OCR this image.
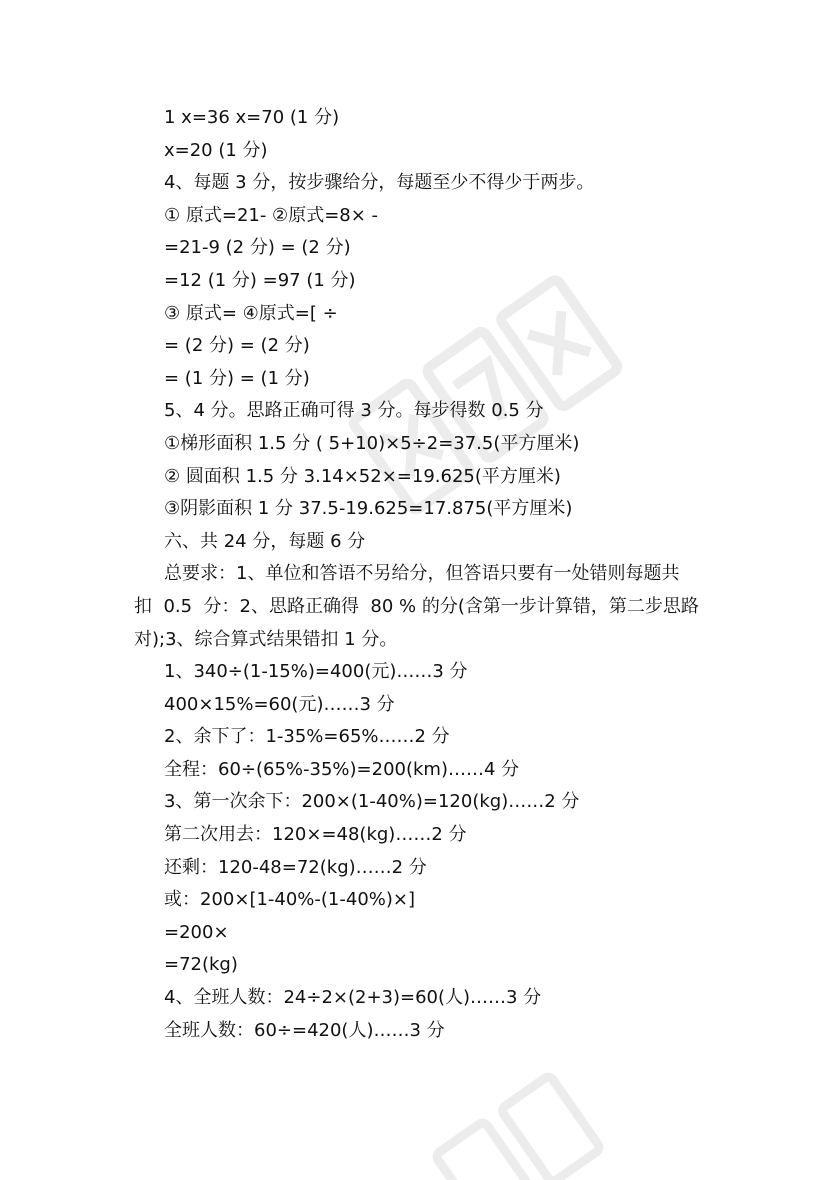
1 x=36 x=70 (1 分)
x=20 (1 分)
4、每题 3 分，按步骤给分，每题至少不得少于两步。
① 原式=21- ②原式=8× -
=21-9 (2 分) = (2 分)
=12 (1 分) =97 (1 分)
③ 原式= ④原式=[ ÷
= (2 分) = (2 分)
= (1 分) = (1 分)
5、4 分。思路正确可得 3 分。每步得数 0.5 分
①梯形面积 1.5 分 ( 5+10)×5÷2=37.5(平方厘米)
② 圆面积 1.5 分 3.14×52×=19.625(平方厘米)
③阴影面积 1 分 37.5-19.625=17.875(平方厘米)
六、共 24 分，每题 6 分
总要求：1、单位和答语不另给分，但答语只要有一处错则每题共
扣  0.5  分：2、思路正确得  80 % 的分(含第一步计算错，第二步思路
对);3、综合算式结果错扣 1 分。
1、340÷(1-15%)=400(元)……3 分
400×15%=60(元)……3 分
2、余下了：1-35%=65%……2 分
全程：60÷(65%-35%)=200(km)……4 分
3、第一次余下：200×(1-40%)=120(kg)……2 分
第二次用去：120×=48(kg)……2 分
还剩：120-48=72(kg)……2 分
或：200×[1-40%-(1-40%)×]
=200×
=72(kg)
4、全班人数：24÷2×(2+3)=60(人)……3 分
全班人数：60÷=420(人)……3 分
